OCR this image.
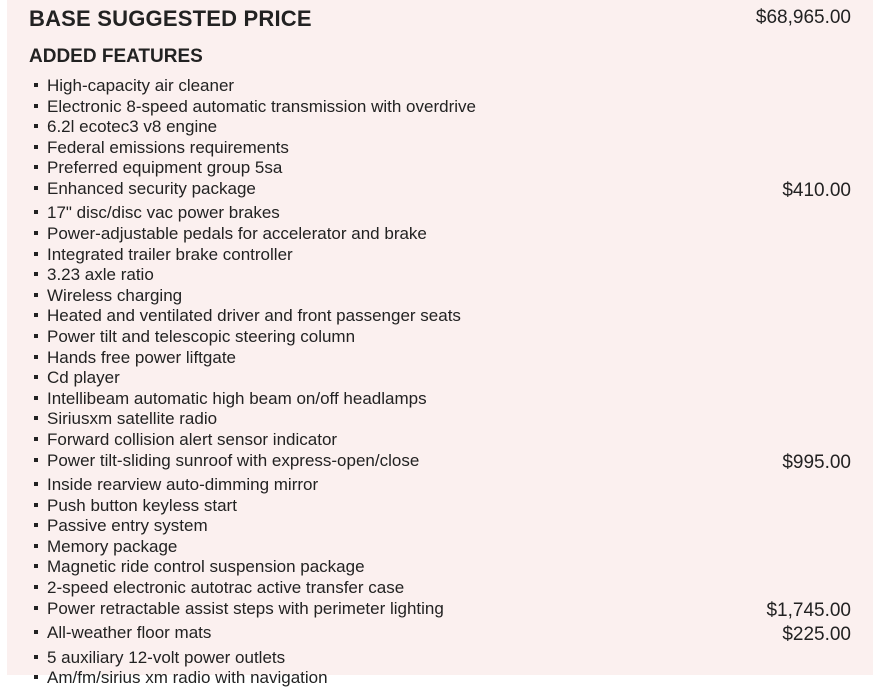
BASE SUGGESTED PRICE	$68,965.00
ADDED FEATURES
High-capacity air cleaner
Electronic 8-speed automatic transmission with overdrive
6.2l ecotec3 v8 engine
Federal emissions requirements
Preferred equipment group 5sa
Enhanced security package	$410.00
17" disc/disc vac power brakes
Power-adjustable pedals for accelerator and brake
Integrated trailer brake controller
3.23 axle ratio
Wireless charging
Heated and ventilated driver and front passenger seats
Power tilt and telescopic steering column
Hands free power liftgate
Cd player
Intellibeam automatic high beam on/off headlamps
Siriusxm satellite radio
Forward collision alert sensor indicator
Power tilt-sliding sunroof with express-open/close	$995.00
Inside rearview auto-dimming mirror
Push button keyless start
Passive entry system
Memory package
Magnetic ride control suspension package
2-speed electronic autotrac active transfer case
Power retractable assist steps with perimeter lighting	$1,745.00
All-weather floor mats	$225.00
5 auxiliary 12-volt power outlets
Am/fm/sirius xm radio with navigation
